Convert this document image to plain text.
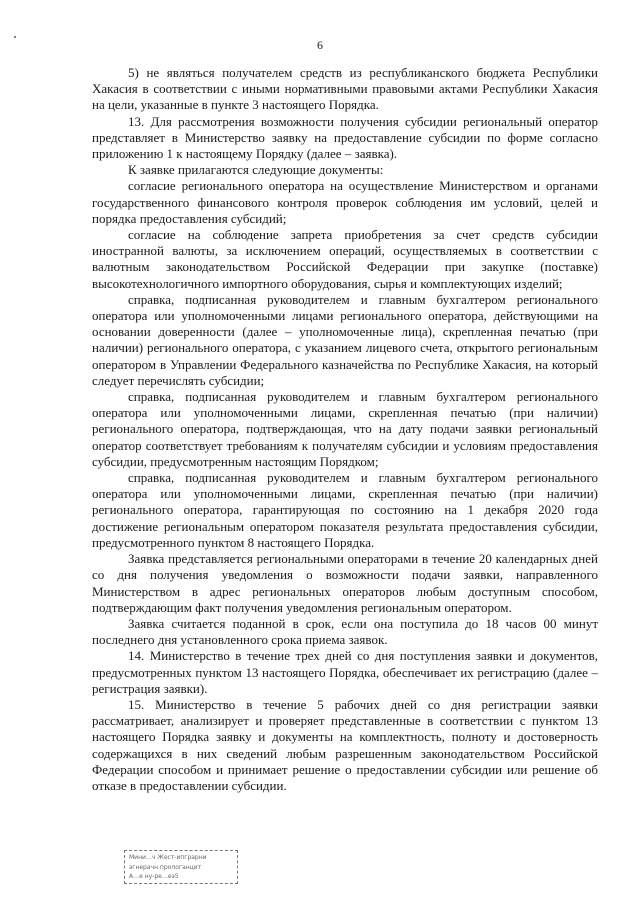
6

5) не являться получателем средств из республиканского бюджета Республики Хакасия в соответствии с иными нормативными правовыми актами Республики Хакасия на цели, указанные в пункте 3 настоящего Порядка.

13. Для рассмотрения возможности получения субсидии региональный оператор представляет в Министерство заявку на предоставление субсидии по форме согласно приложению 1 к настоящему Порядку (далее – заявка).

К заявке прилагаются следующие документы:

согласие регионального оператора на осуществление Министерством и органами государственного финансового контроля проверок соблюдения им условий, целей и порядка предоставления субсидий;

согласие на соблюдение запрета приобретения за счет средств субсидии иностранной валюты, за исключением операций, осуществляемых в соответствии с валютным законодательством Российской Федерации при закупке (поставке) высокотехнологичного импортного оборудования, сырья и комплектующих изделий;

справка, подписанная руководителем и главным бухгалтером регионального оператора или уполномоченными лицами регионального оператора, действующими на основании доверенности (далее – уполномоченные лица), скрепленная печатью (при наличии) регионального оператора, с указанием лицевого счета, открытого региональным оператором в Управлении Федерального казначейства по Республике Хакасия, на который следует перечислять субсидии;

справка, подписанная руководителем и главным бухгалтером регионального оператора или уполномоченными лицами, скрепленная печатью (при наличии) регионального оператора, подтверждающая, что на дату подачи заявки региональный оператор соответствует требованиям к получателям субсидии и условиям предоставления субсидии, предусмотренным настоящим Порядком;

справка, подписанная руководителем и главным бухгалтером регионального оператора или уполномоченными лицами, скрепленная печатью (при наличии) регионального оператора, гарантирующая по состоянию на 1 декабря 2020 года достижение региональным оператором показателя результата предоставления субсидии, предусмотренного пунктом 8 настоящего Порядка.

Заявка представляется региональными операторами в течение 20 календарных дней со дня получения уведомления о возможности подачи заявки, направленного Министерством в адрес региональных операторов любым доступным способом, подтверждающим факт получения уведомления региональным оператором.

Заявка считается поданной в срок, если она поступила до 18 часов 00 минут последнего дня установленного срока приема заявок.

14. Министерство в течение трех дней со дня поступления заявки и документов, предусмотренных пунктом 13 настоящего Порядка, обеспечивает их регистрацию (далее – регистрация заявки).

15. Министерство в течение 5 рабочих дней со дня регистрации заявки рассматривает, анализирует и проверяет представленные в соответствии с пунктом 13 настоящего Порядка заявку и документы на комплектность, полноту и достоверность содержащихся в них сведений любым разрешенным законодательством Российской Федерации способом и принимает решение о предоставлении субсидии или решение об отказе в предоставлении субсидии.

Мини…ч Жест-ипграрни
эгнерачн пропоганцит
А…е ну-ре…еэ5
